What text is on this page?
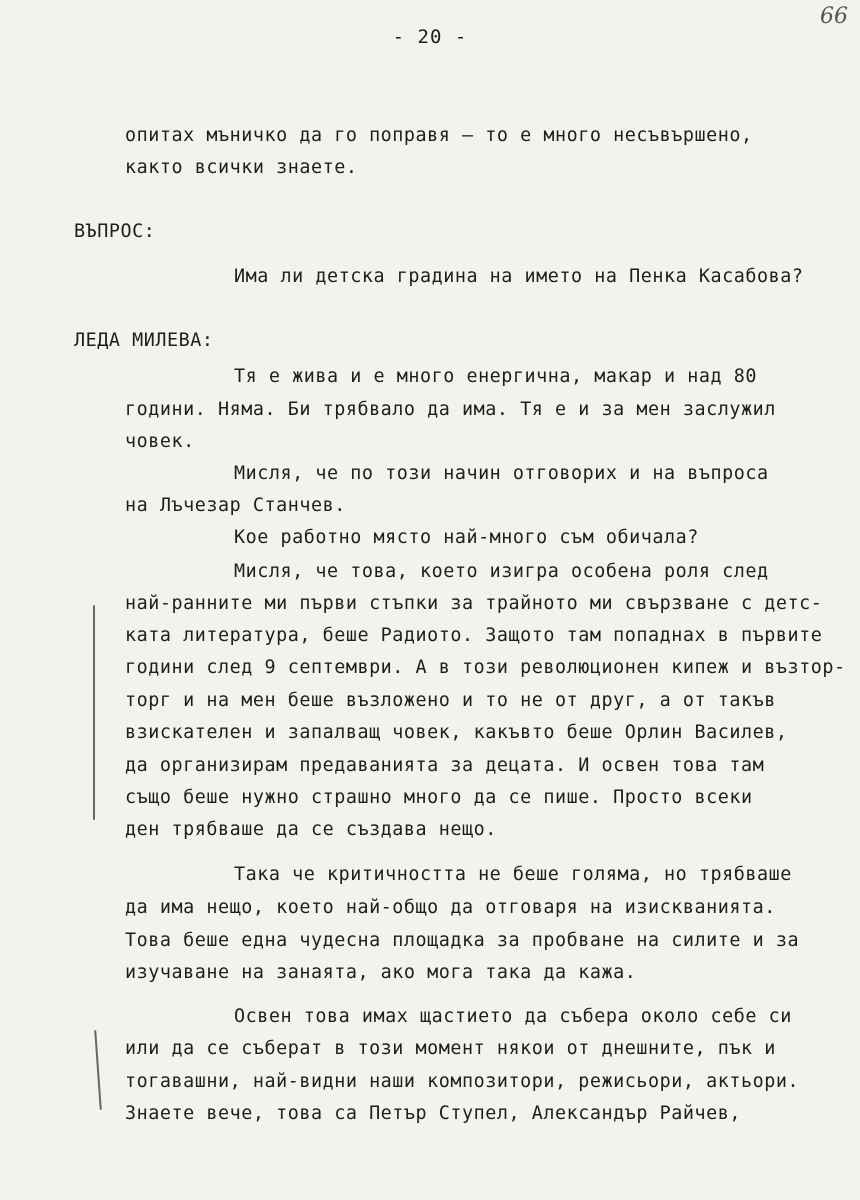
66
- 20 -
опитах мъничко да го поправя – то е много несъвършено,
както всички знаете.
ВЪПРОС:
Има ли детска градина на името на Пенка Касабова?
ЛЕДА МИЛЕВА:
Тя е жива и е много енергична, макар и над 80
години. Няма. Би трябвало да има. Тя е и за мен заслужил
човек.
Мисля, че по този начин отговорих и на въпроса
на Лъчезар Станчев.
Кое работно място най-много съм обичала?
Мисля, че това, което изигра особена роля след
най-ранните ми първи стъпки за трайното ми свързване с детс-
ката литература, беше Радиото. Защото там попаднах в първите
години след 9 септември. А в този революционен кипеж и възтор-
торг и на мен беше възложено и то не от друг, а от такъв
взискателен и запалващ човек, какъвто беше Орлин Василев,
да организирам предаванията за децата. И освен това там
също беше нужно страшно много да се пише. Просто всеки
ден трябваше да се създава нещо.
Така че критичността не беше голяма, но трябваше
да има нещо, което най-общо да отговаря на изискванията.
Това беше една чудесна площадка за пробване на силите и за
изучаване на занаята, ако мога така да кажа.
Освен това имах щастието да събера около себе си
или да се съберат в този момент някои от днешните, пък и
тогавашни, най-видни наши композитори, режисьори, актьори.
Знаете вече, това са Петър Ступел, Александър Райчев,
